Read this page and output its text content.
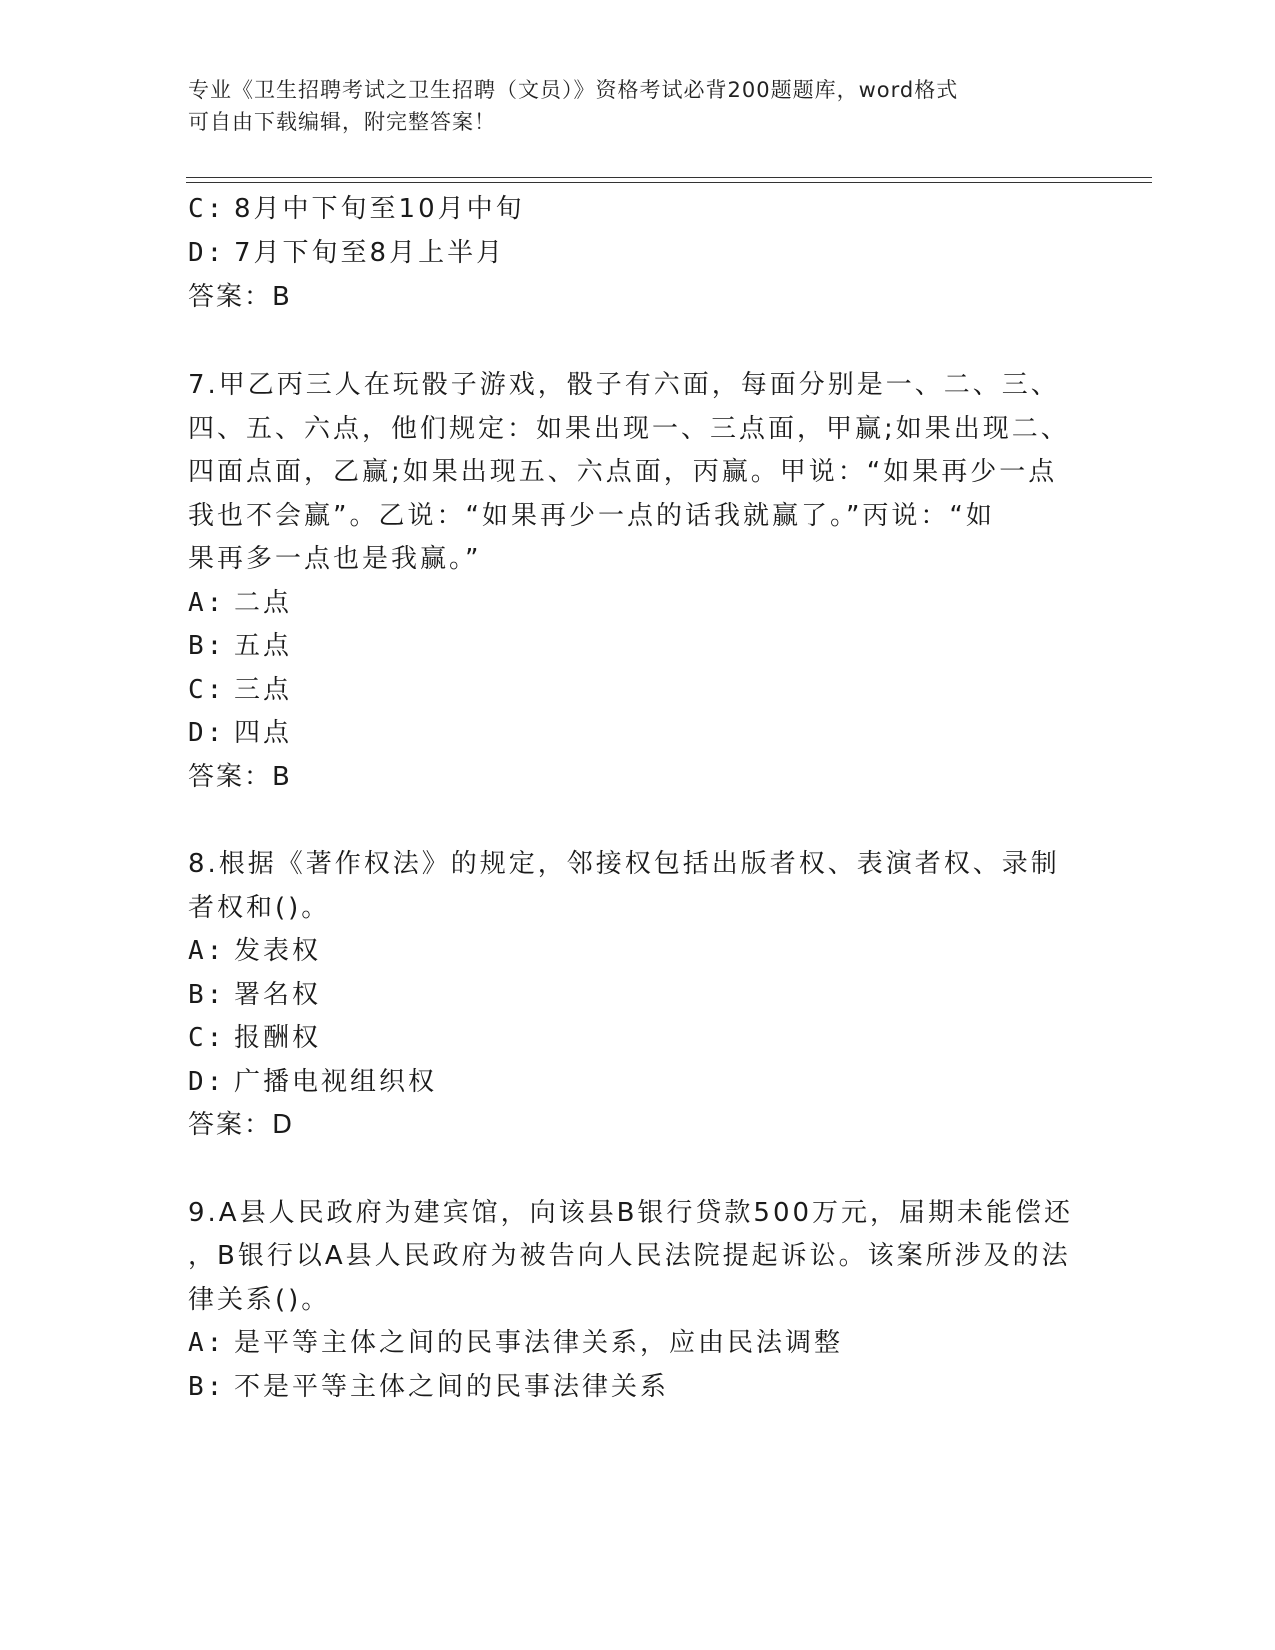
专业《卫生招聘考试之卫生招聘（文员）》资格考试必背200题题库，word格式
可自由下载编辑，附完整答案！
C: 8月中下旬至10月中旬
D: 7月下旬至8月上半月
答案：B
7.甲乙丙三人在玩骰子游戏，骰子有六面，每面分别是一、二、三、
四、五、六点，他们规定：如果出现一、三点面，甲赢;如果出现二、
四面点面，乙赢;如果出现五、六点面，丙赢。甲说：“如果再少一点
我也不会赢”。乙说：“如果再少一点的话我就赢了。”丙说：“如
果再多一点也是我赢。”
A: 二点
B: 五点
C: 三点
D: 四点
答案：B
8.根据《著作权法》的规定，邻接权包括出版者权、表演者权、录制
者权和()。
A: 发表权
B: 署名权
C: 报酬权
D: 广播电视组织权
答案：D
9.A县人民政府为建宾馆，向该县B银行贷款500万元，届期未能偿还
，B银行以A县人民政府为被告向人民法院提起诉讼。该案所涉及的法
律关系()。
A: 是平等主体之间的民事法律关系，应由民法调整
B: 不是平等主体之间的民事法律关系
